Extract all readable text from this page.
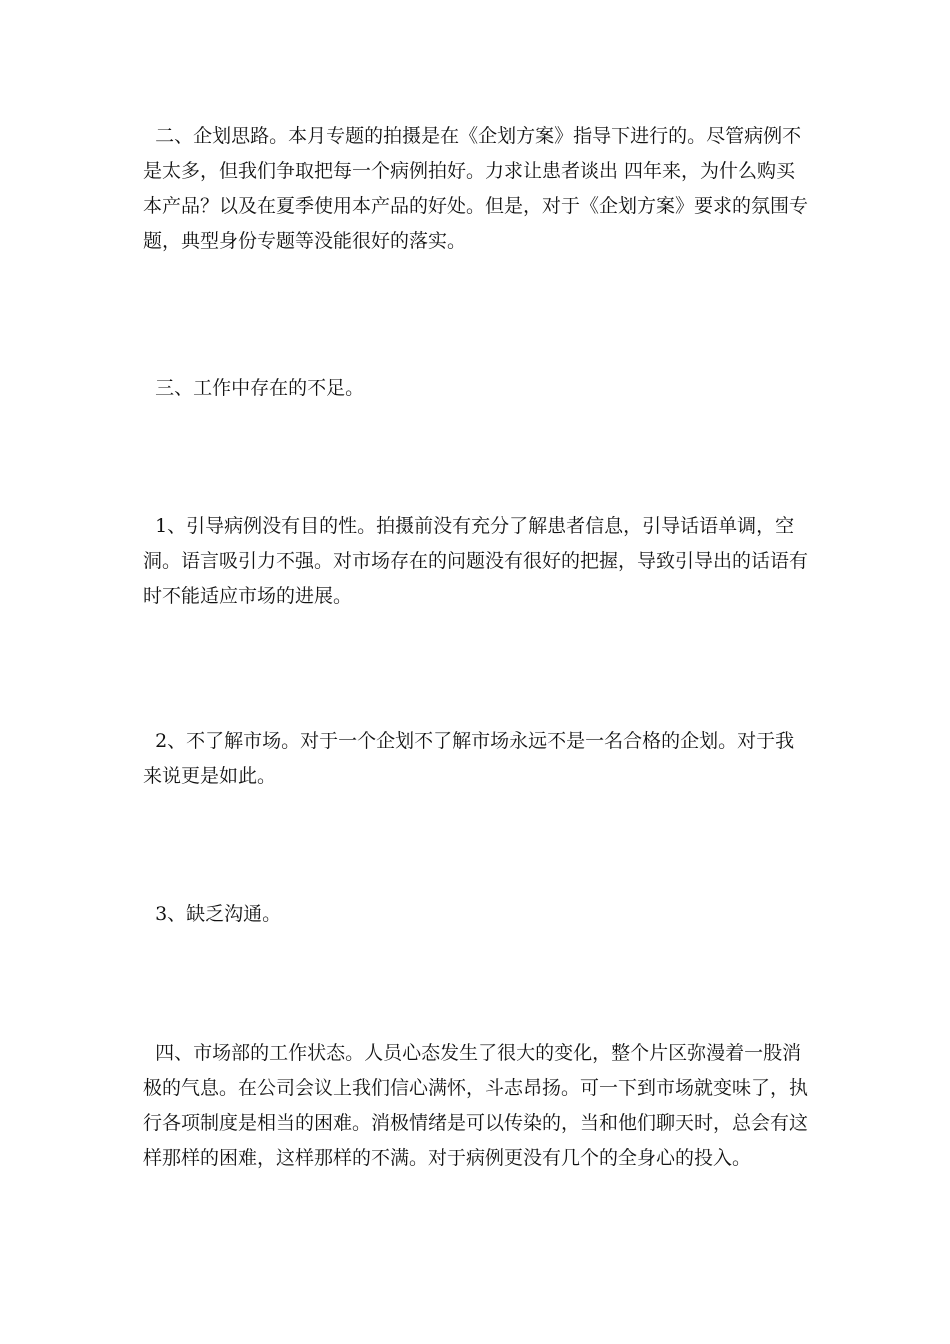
二、企划思路。本月专题的拍摄是在《企划方案》指导下进行的。尽管病例不是太多，但我们争取把每一个病例拍好。力求让患者谈出 四年来，为什么购买本产品？以及在夏季使用本产品的好处。但是，对于《企划方案》要求的氛围专题，典型身份专题等没能很好的落实。

三、工作中存在的不足。

1、引导病例没有目的性。拍摄前没有充分了解患者信息，引导话语单调，空洞。语言吸引力不强。对市场存在的问题没有很好的把握，导致引导出的话语有时不能适应市场的进展。

2、不了解市场。对于一个企划不了解市场永远不是一名合格的企划。对于我来说更是如此。

3、缺乏沟通。

四、市场部的工作状态。人员心态发生了很大的变化，整个片区弥漫着一股消极的气息。在公司会议上我们信心满怀，斗志昂扬。可一下到市场就变味了，执行各项制度是相当的困难。消极情绪是可以传染的，当和他们聊天时，总会有这样那样的困难，这样那样的不满。对于病例更没有几个的全身心的投入。
